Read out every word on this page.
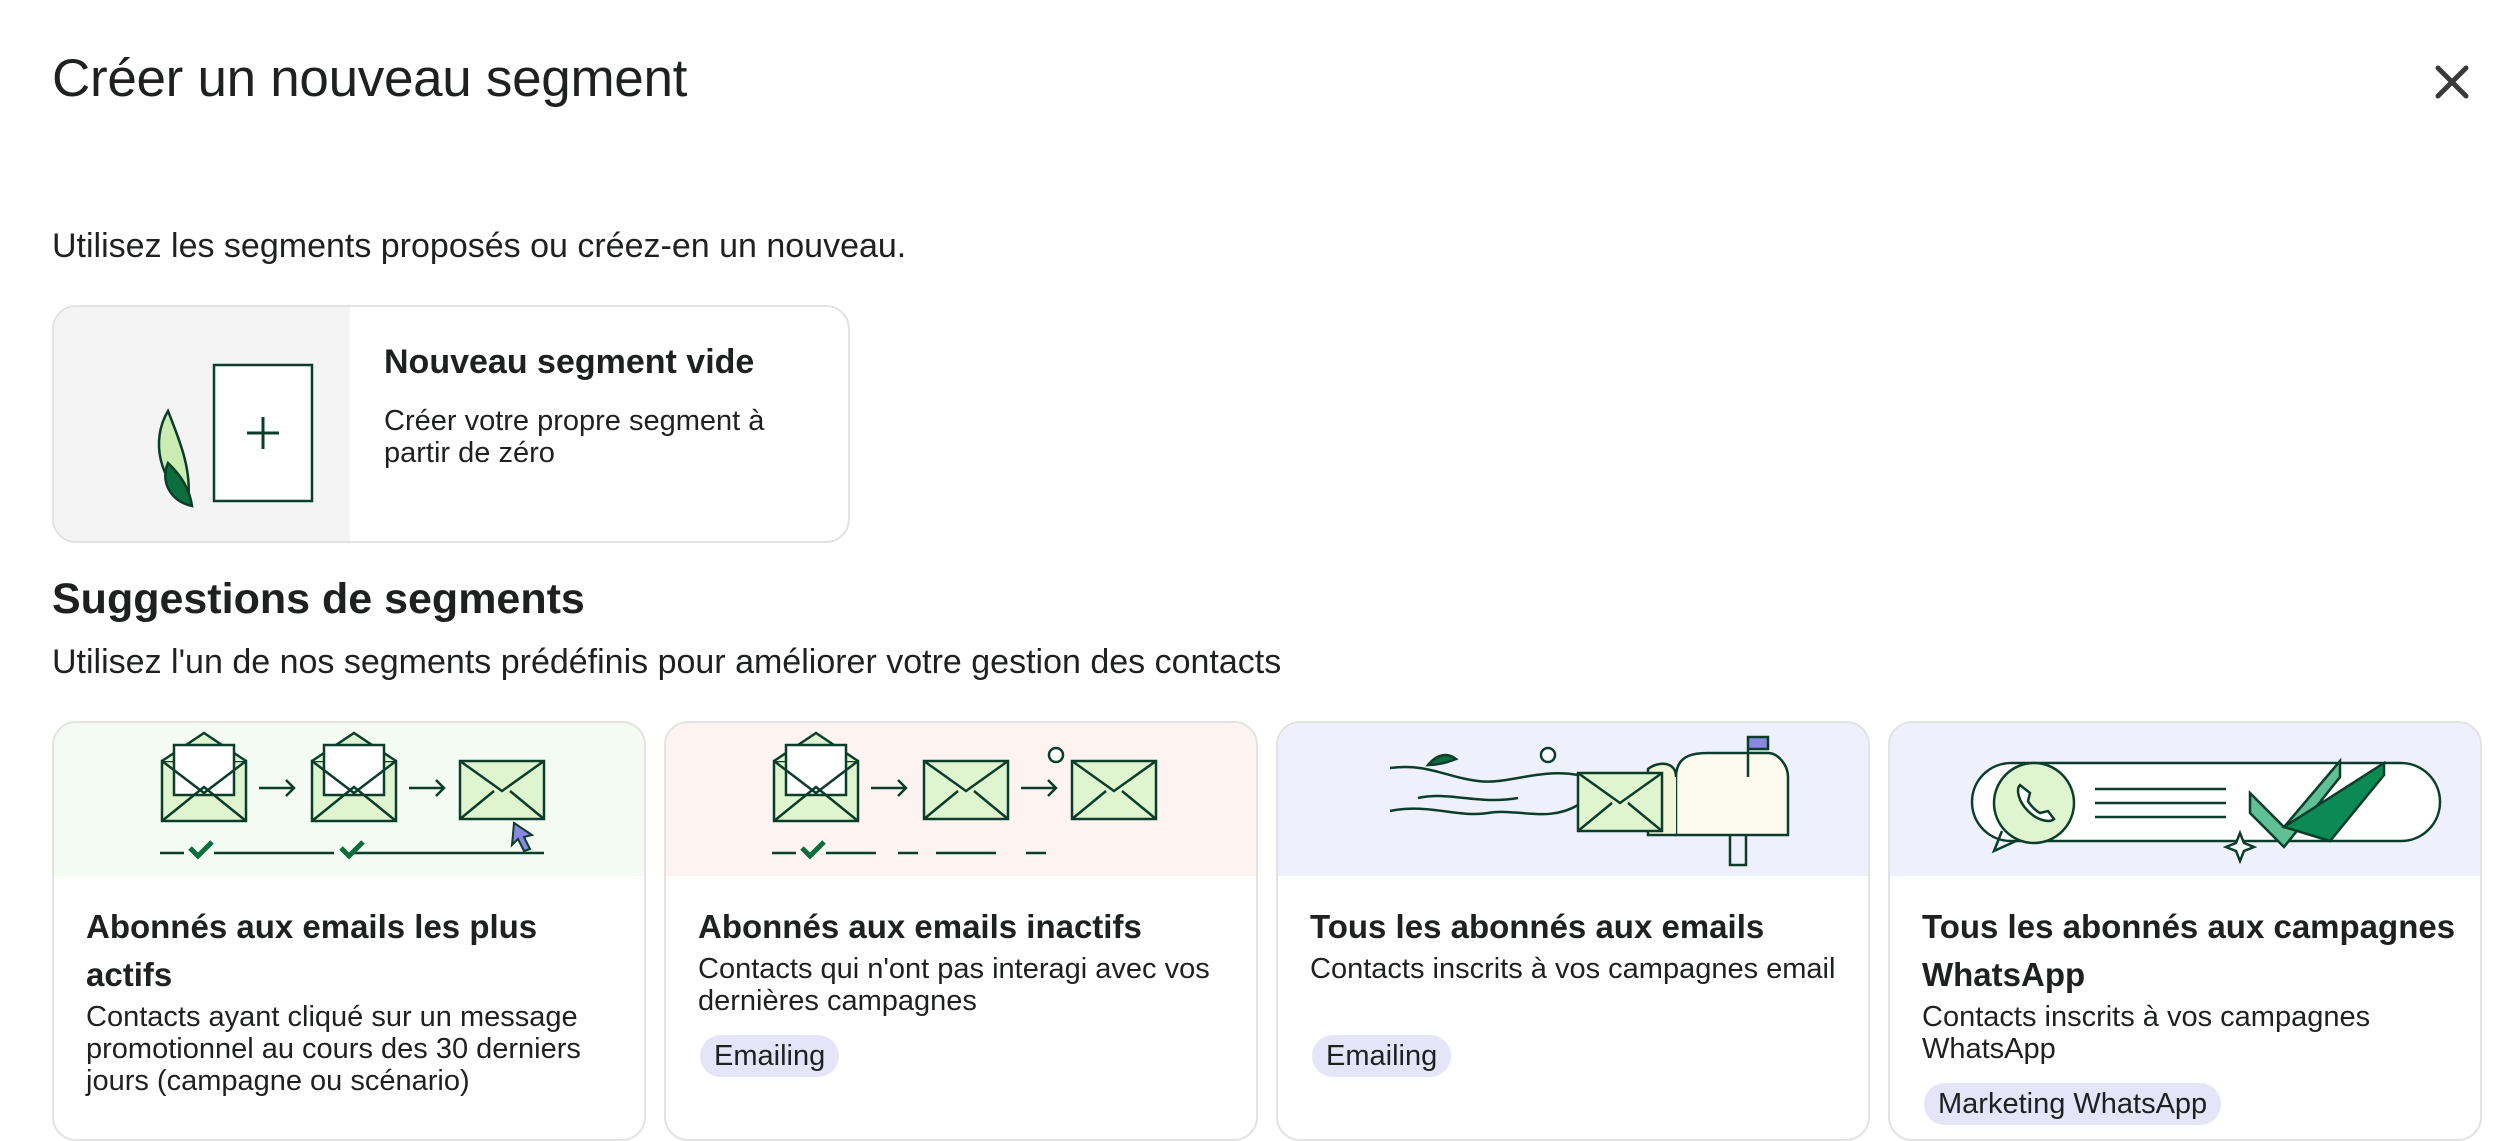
Créer un nouveau segment
Utilisez les segments proposés ou créez-en un nouveau.
Nouveau segment vide
Créer votre propre segment à partir de zéro
Suggestions de segments
Utilisez l'un de nos segments prédéfinis pour améliorer votre gestion des contacts
Abonnés aux emails les plus actifs
Contacts ayant cliqué sur un message promotionnel au cours des 30 derniers jours (campagne ou scénario)
Abonnés aux emails inactifs
Contacts qui n'ont pas interagi avec vos dernières campagnes
Emailing
Tous les abonnés aux emails
Contacts inscrits à vos campagnes email
Emailing
Tous les abonnés aux campagnes WhatsApp
Contacts inscrits à vos campagnes WhatsApp
Marketing WhatsApp
